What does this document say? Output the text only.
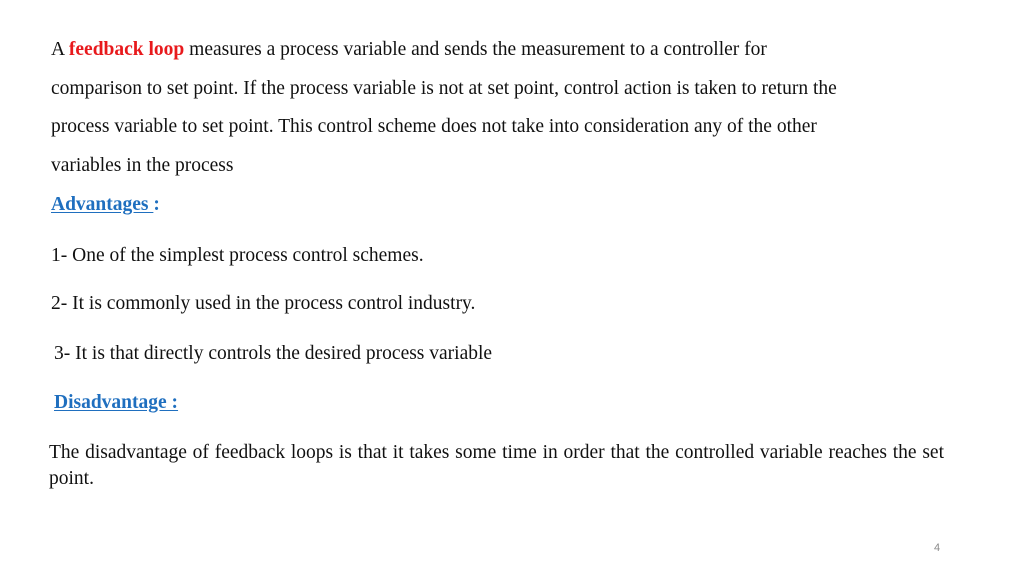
A feedback loop measures a process variable and sends the measurement to a controller for
comparison to set point. If the process variable is not at set point, control action is taken to return the
process variable to set point. This control scheme does not take into consideration any of the other
variables in the process
Advantages :
1- One of the simplest process control schemes.
2- It is commonly used in the process control industry.
3- It is that directly controls the desired process variable
Disadvantage :
The disadvantage of feedback loops is that it takes some time in order that the controlled variable reaches the set point.
4
